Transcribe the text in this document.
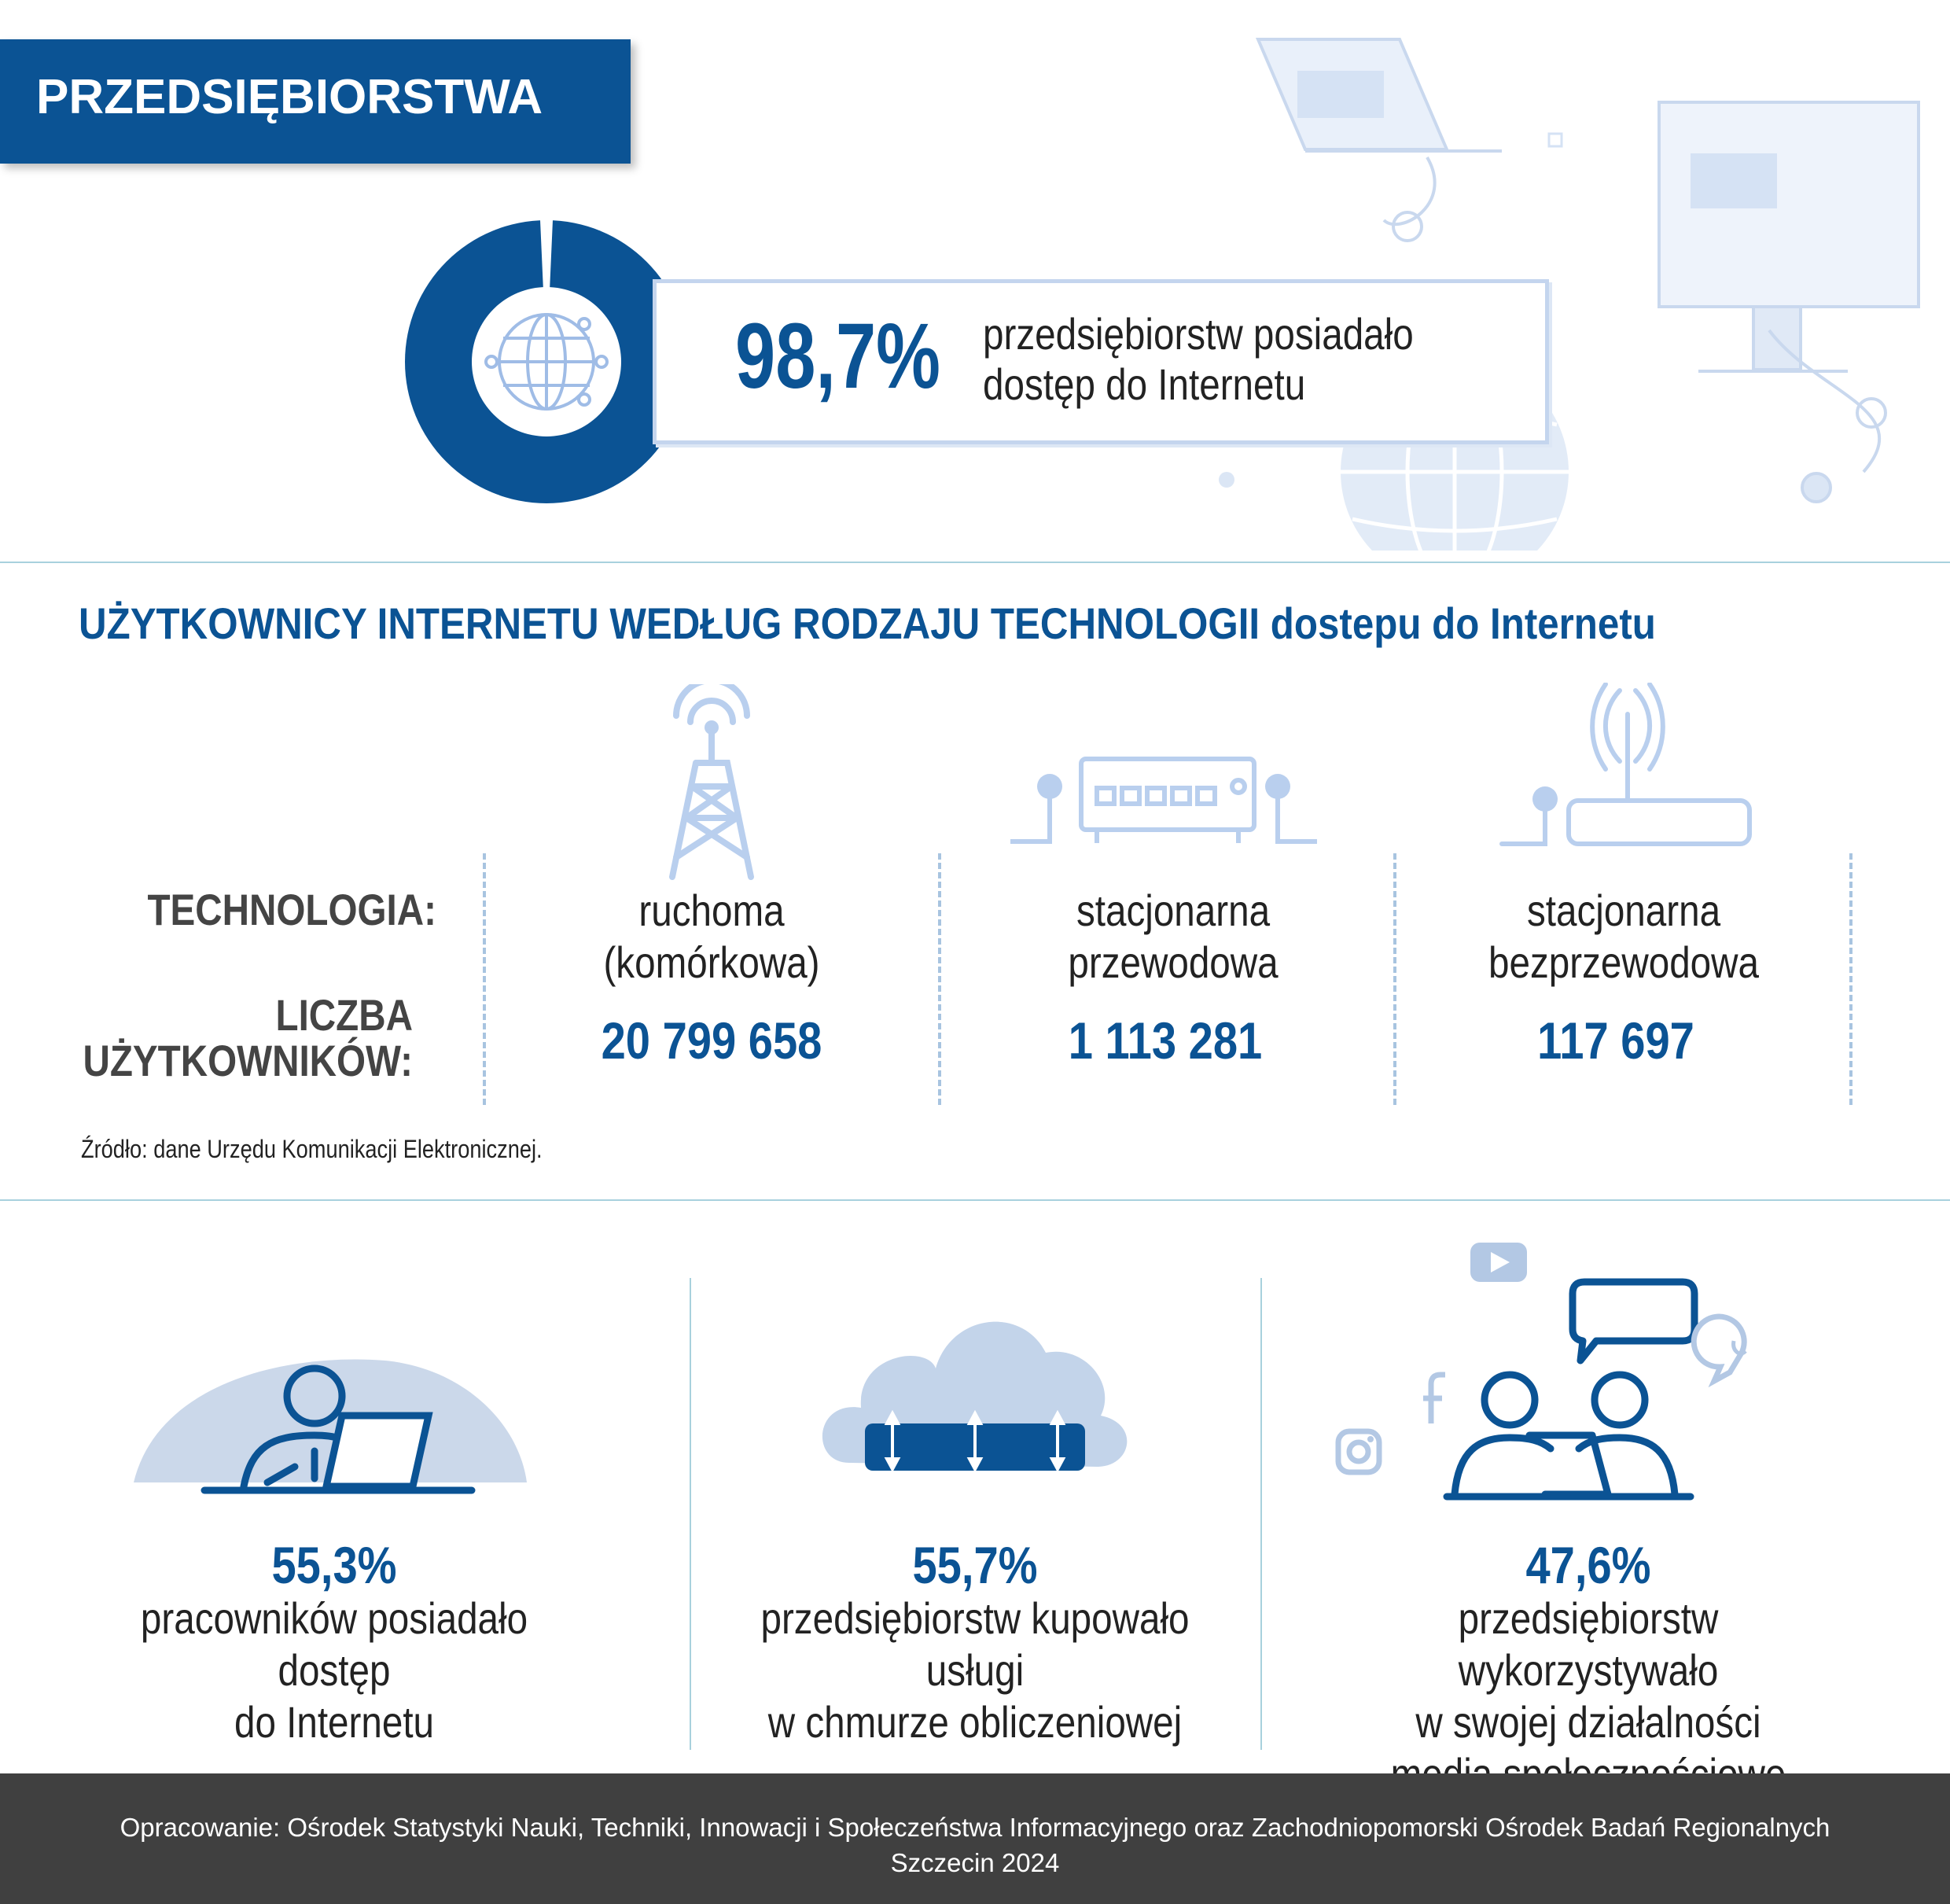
PRZEDSIĘBIORSTWA
98,7% przedsiębiorstw posiadało
dostęp do Internetu
UŻYTKOWNICY INTERNETU WEDŁUG RODZAJU TECHNOLOGII dostepu do Internetu
TECHNOLOGIA:
LICZBA
UŻYTKOWNIKÓW:
ruchoma
(komórkowa)
20 799 658
stacjonarna
przewodowa
1 113 281
stacjonarna
bezprzewodowa
117 697
Źródło: dane Urzędu Komunikacji Elektronicznej.
55,3%
pracowników posiadało dostęp
do Internetu
55,7%
przedsiębiorstw kupowało usługi
w chmurze obliczeniowej
47,6%
przedsiębiorstw wykorzystywało
w swojej działalności
Opracowanie: Ośrodek Statystyki Nauki, Techniki, Innowacji i Społeczeństwa Informacyjnego oraz Zachodniopomorski Ośrodek Badań Regionalnych
Szczecin 2024
